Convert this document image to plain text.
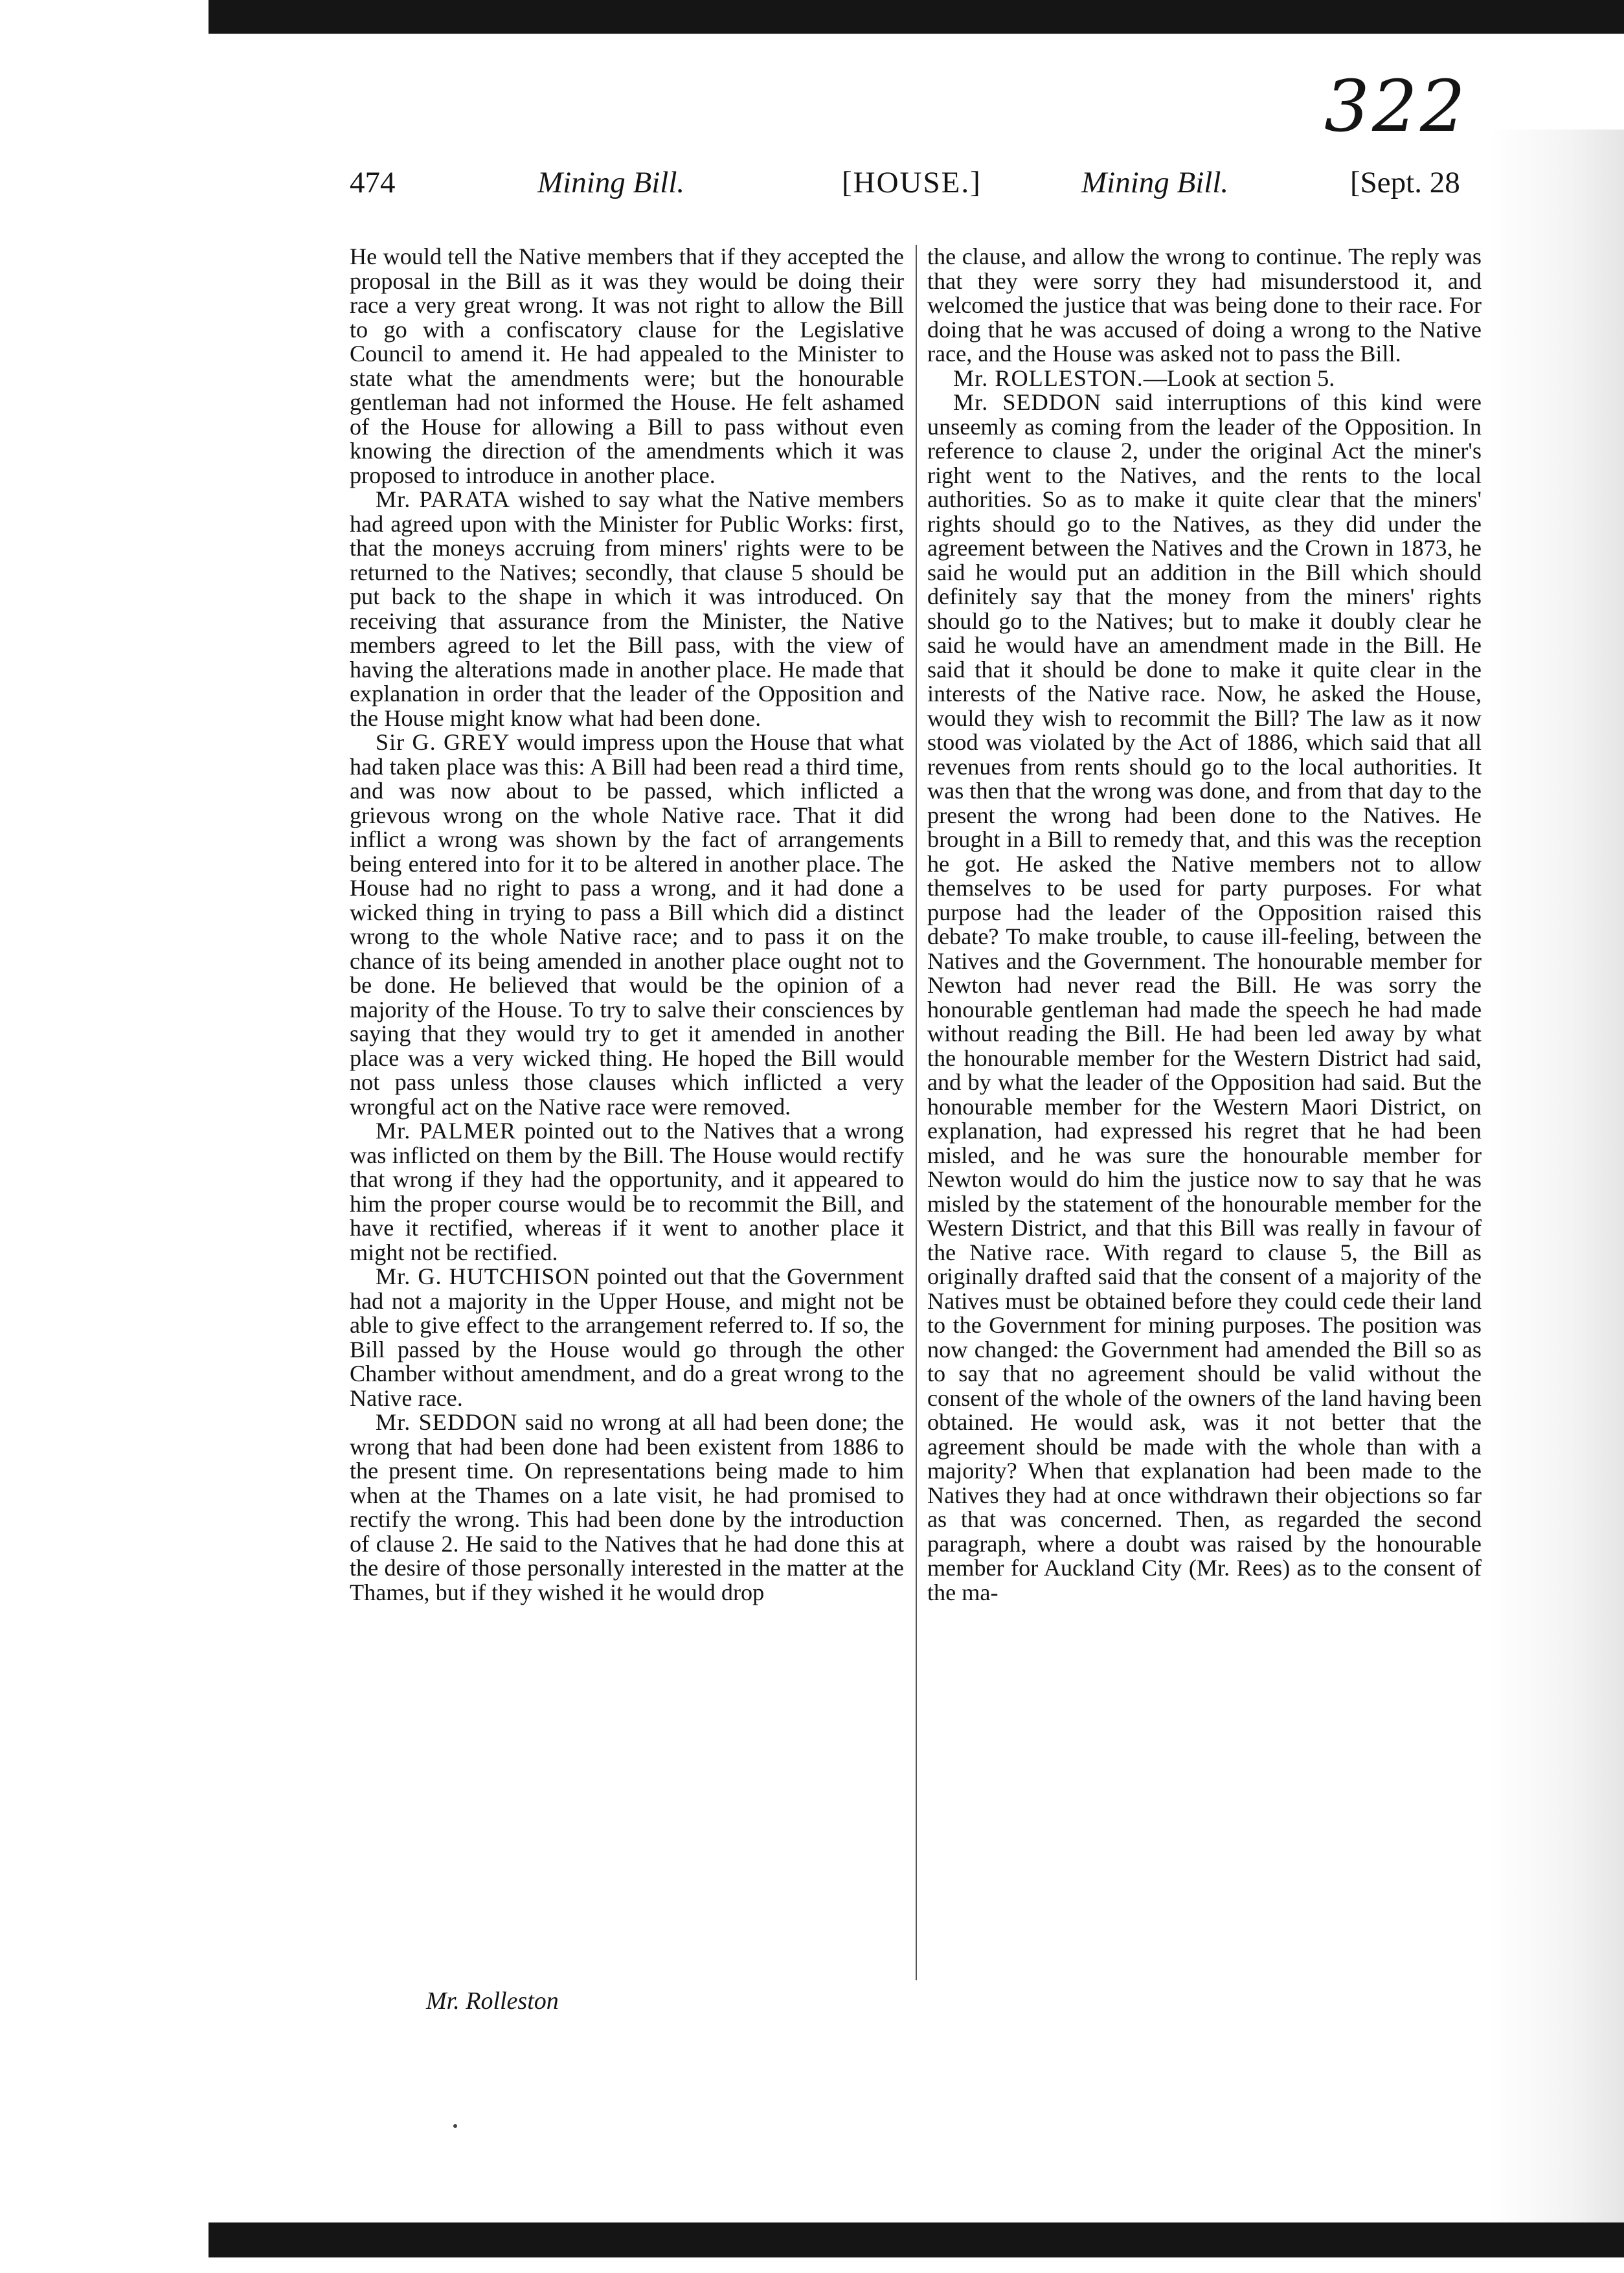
322
474	Mining Bill.	[HOUSE.]	Mining Bill.	[Sept. 28

He would tell the Native members that if they accepted the proposal in the Bill as it was they would be doing their race a very great wrong. It was not right to allow the Bill to go with a confiscatory clause for the Legislative Council to amend it. He had appealed to the Minister to state what the amendments were; but the honourable gentleman had not informed the House. He felt ashamed of the House for allowing a Bill to pass without even knowing the direction of the amendments which it was proposed to introduce in another place.

Mr. PARATA wished to say what the Native members had agreed upon with the Minister for Public Works: first, that the moneys accruing from miners' rights were to be returned to the Natives; secondly, that clause 5 should be put back to the shape in which it was introduced. On receiving that assurance from the Minister, the Native members agreed to let the Bill pass, with the view of having the alterations made in another place. He made that explanation in order that the leader of the Opposition and the House might know what had been done.

Sir G. GREY would impress upon the House that what had taken place was this: A Bill had been read a third time, and was now about to be passed, which inflicted a grievous wrong on the whole Native race. That it did inflict a wrong was shown by the fact of arrangements being entered into for it to be altered in another place. The House had no right to pass a wrong, and it had done a wicked thing in trying to pass a Bill which did a distinct wrong to the whole Native race; and to pass it on the chance of its being amended in another place ought not to be done. He believed that would be the opinion of a majority of the House. To try to salve their consciences by saying that they would try to get it amended in another place was a very wicked thing. He hoped the Bill would not pass unless those clauses which inflicted a very wrongful act on the Native race were removed.

Mr. PALMER pointed out to the Natives that a wrong was inflicted on them by the Bill. The House would rectify that wrong if they had the opportunity, and it appeared to him the proper course would be to recommit the Bill, and have it rectified, whereas if it went to another place it might not be rectified.

Mr. G. HUTCHISON pointed out that the Government had not a majority in the Upper House, and might not be able to give effect to the arrangement referred to. If so, the Bill passed by the House would go through the other Chamber without amendment, and do a great wrong to the Native race.

Mr. SEDDON said no wrong at all had been done; the wrong that had been done had been existent from 1886 to the present time. On representations being made to him when at the Thames on a late visit, he had promised to rectify the wrong. This had been done by the introduction of clause 2. He said to the Natives that he had done this at the desire of those personally interested in the matter at the Thames, but if they wished it he would drop

the clause, and allow the wrong to continue. The reply was that they were sorry they had misunderstood it, and welcomed the justice that was being done to their race. For doing that he was accused of doing a wrong to the Native race, and the House was asked not to pass the Bill.

Mr. ROLLESTON.—Look at section 5.

Mr. SEDDON said interruptions of this kind were unseemly as coming from the leader of the Opposition. In reference to clause 2, under the original Act the miner's right went to the Natives, and the rents to the local authorities. So as to make it quite clear that the miners' rights should go to the Natives, as they did under the agreement between the Natives and the Crown in 1873, he said he would put an addition in the Bill which should definitely say that the money from the miners' rights should go to the Natives; but to make it doubly clear he said he would have an amendment made in the Bill. He said that it should be done to make it quite clear in the interests of the Native race. Now, he asked the House, would they wish to recommit the Bill? The law as it now stood was violated by the Act of 1886, which said that all revenues from rents should go to the local authorities. It was then that the wrong was done, and from that day to the present the wrong had been done to the Natives. He brought in a Bill to remedy that, and this was the reception he got. He asked the Native members not to allow themselves to be used for party purposes. For what purpose had the leader of the Opposition raised this debate? To make trouble, to cause ill-feeling, between the Natives and the Government. The honourable member for Newton had never read the Bill. He was sorry the honourable gentleman had made the speech he had made without reading the Bill. He had been led away by what the honourable member for the Western District had said, and by what the leader of the Opposition had said. But the honourable member for the Western Maori District, on explanation, had expressed his regret that he had been misled, and he was sure the honourable member for Newton would do him the justice now to say that he was misled by the statement of the honourable member for the Western District, and that this Bill was really in favour of the Native race. With regard to clause 5, the Bill as originally drafted said that the consent of a majority of the Natives must be obtained before they could cede their land to the Government for mining purposes. The position was now changed: the Government had amended the Bill so as to say that no agreement should be valid without the consent of the whole of the owners of the land having been obtained. He would ask, was it not better that the agreement should be made with the whole than with a majority? When that explanation had been made to the Natives they had at once withdrawn their objections so far as that was concerned. Then, as regarded the second paragraph, where a doubt was raised by the honourable member for Auckland City (Mr. Rees) as to the consent of the ma-

Mr. Rolleston
